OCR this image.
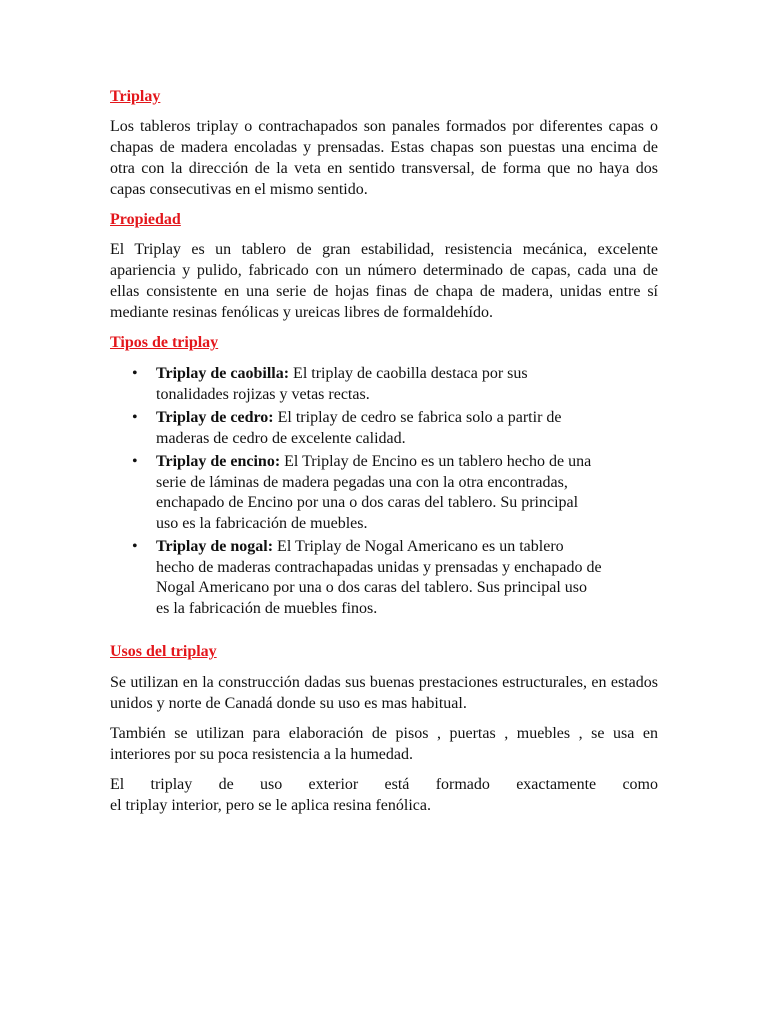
Triplay

Los tableros triplay o contrachapados son panales formados por diferentes capas o chapas de madera encoladas y prensadas. Estas chapas son puestas una encima de otra con la dirección de la veta en sentido transversal, de forma que no haya dos capas consecutivas en el mismo sentido.

Propiedad

El Triplay es un tablero de gran estabilidad, resistencia mecánica, excelente apariencia y pulido, fabricado con un número determinado de capas, cada una de ellas consistente en una serie de hojas finas de chapa de madera, unidas entre sí mediante resinas fenólicas y ureicas libres de formaldehído.

Tipos de triplay
• Triplay de caobilla: El triplay de caobilla destaca por sus tonalidades rojizas y vetas rectas.
• Triplay de cedro: El triplay de cedro se fabrica solo a partir de maderas de cedro de excelente calidad.
• Triplay de encino: El Triplay de Encino es un tablero hecho de una serie de láminas de madera pegadas una con la otra encontradas, enchapado de Encino por una o dos caras del tablero. Su principal uso es la fabricación de muebles.
• Triplay de nogal: El Triplay de Nogal Americano es un tablero hecho de maderas contrachapadas unidas y prensadas y enchapado de Nogal Americano por una o dos caras del tablero. Sus principal uso es la fabricación de muebles finos.
Usos del triplay

Se utilizan en la construcción dadas sus buenas prestaciones estructurales, en estados unidos y norte de Canadá donde su uso es mas habitual.

También se utilizan para elaboración de pisos , puertas , muebles , se usa en interiores por su poca resistencia a la humedad.

El triplay de uso exterior está formado exactamente como

el triplay interior, pero se le aplica resina fenólica.
